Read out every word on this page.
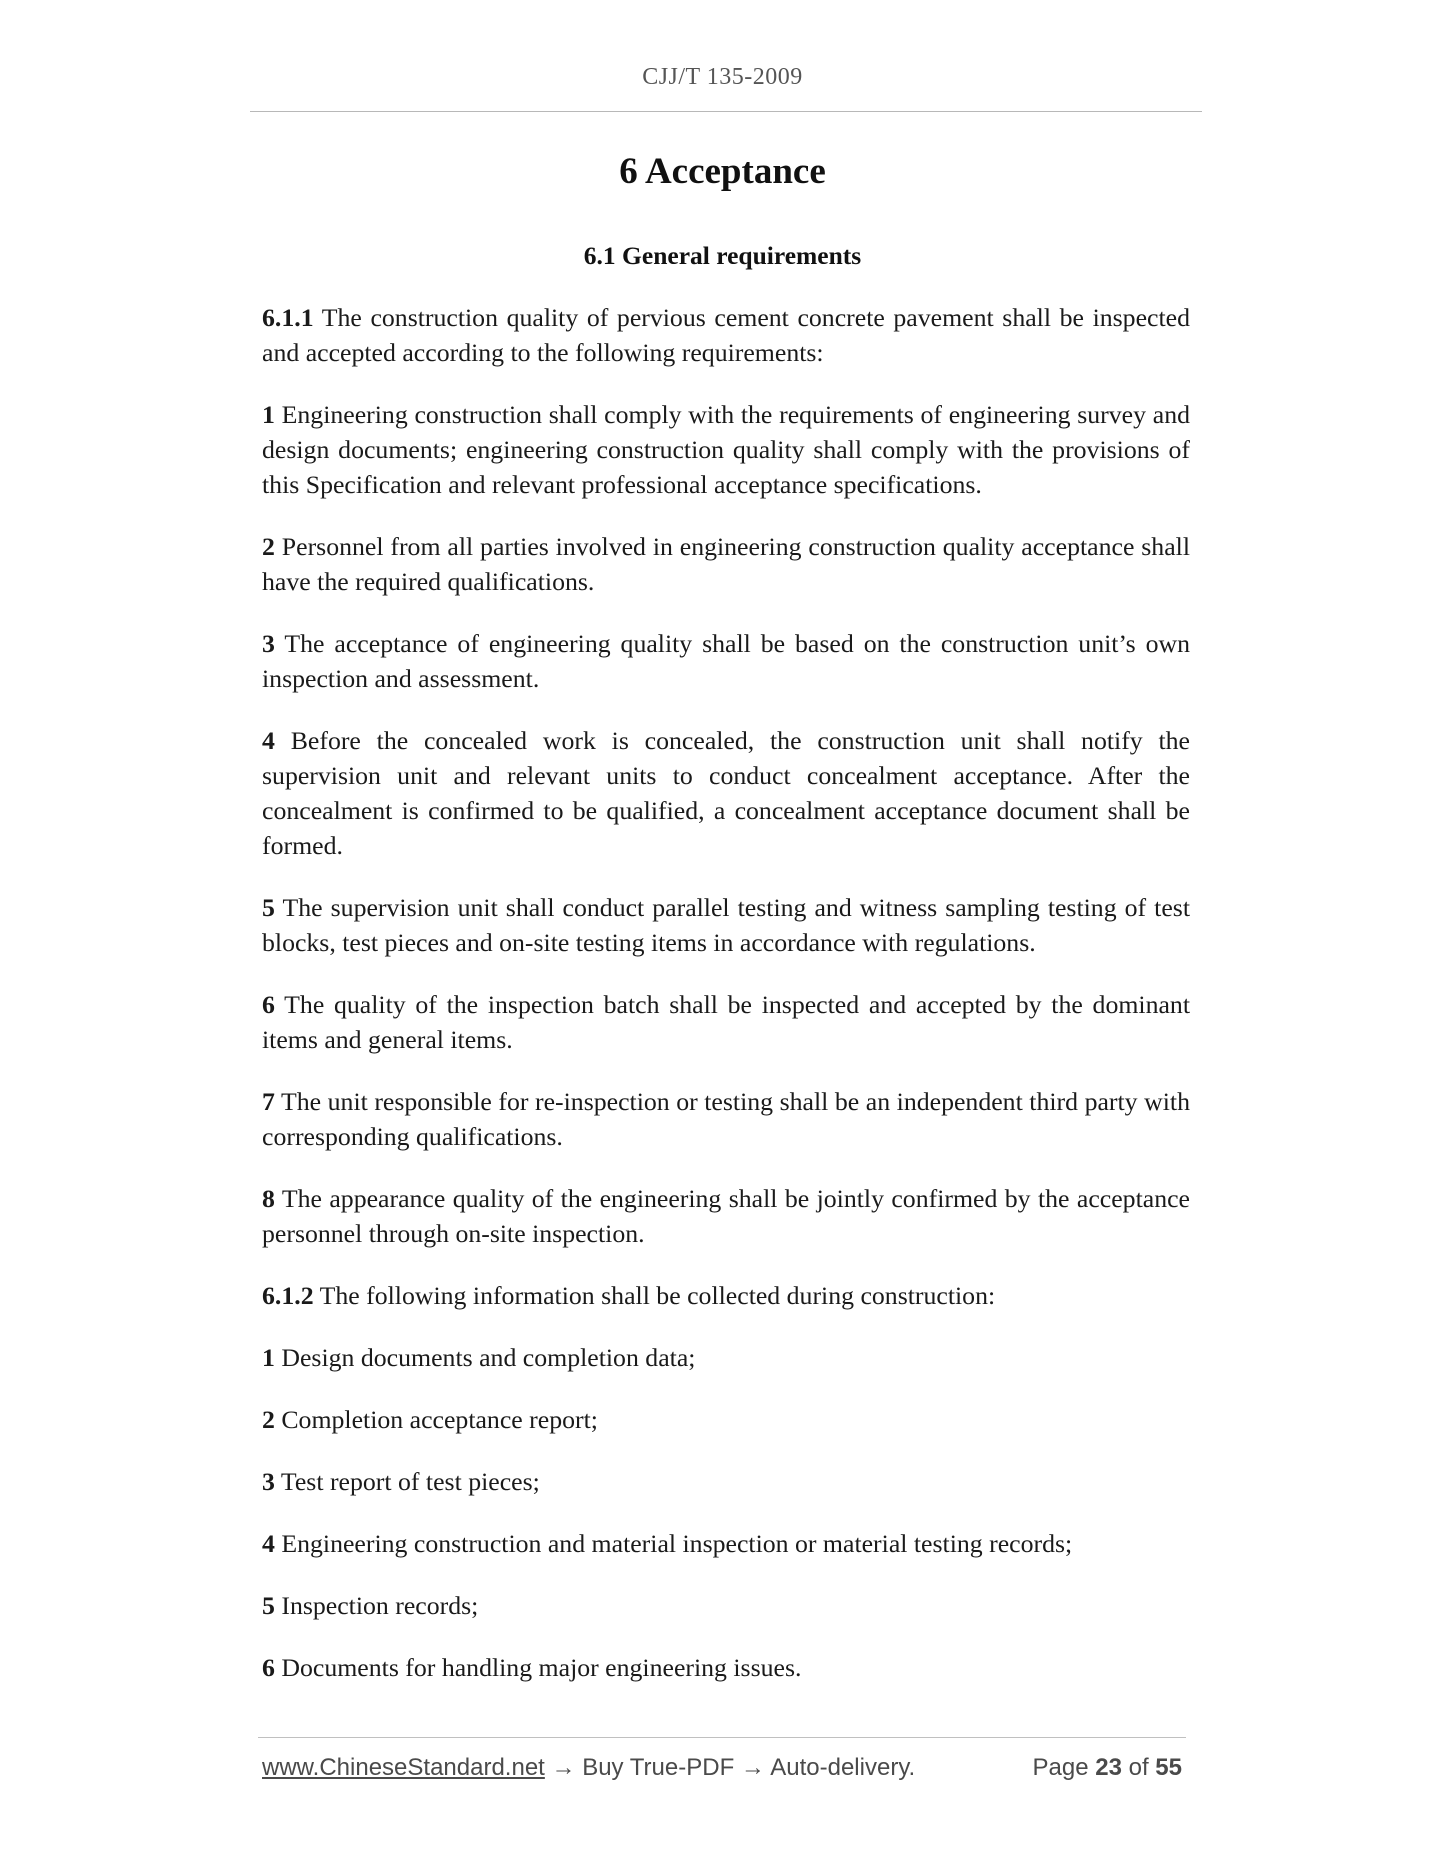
CJJ/T 135-2009
6 Acceptance
6.1 General requirements

6.1.1 The construction quality of pervious cement concrete pavement shall be inspected and accepted according to the following requirements:

1 Engineering construction shall comply with the requirements of engineering survey and design documents; engineering construction quality shall comply with the provisions of this Specification and relevant professional acceptance specifications.

2 Personnel from all parties involved in engineering construction quality acceptance shall have the required qualifications.

3 The acceptance of engineering quality shall be based on the construction unit’s own inspection and assessment.

4 Before the concealed work is concealed, the construction unit shall notify the supervision unit and relevant units to conduct concealment acceptance. After the concealment is confirmed to be qualified, a concealment acceptance document shall be formed.

5 The supervision unit shall conduct parallel testing and witness sampling testing of test blocks, test pieces and on-site testing items in accordance with regulations.

6 The quality of the inspection batch shall be inspected and accepted by the dominant items and general items.

7 The unit responsible for re-inspection or testing shall be an independent third party with corresponding qualifications.

8 The appearance quality of the engineering shall be jointly confirmed by the acceptance personnel through on-site inspection.

6.1.2 The following information shall be collected during construction:

1 Design documents and completion data;

2 Completion acceptance report;

3 Test report of test pieces;

4 Engineering construction and material inspection or material testing records;

5 Inspection records;

6 Documents for handling major engineering issues.

www.ChineseStandard.net → Buy True-PDF → Auto-delivery.	Page 23 of 55
